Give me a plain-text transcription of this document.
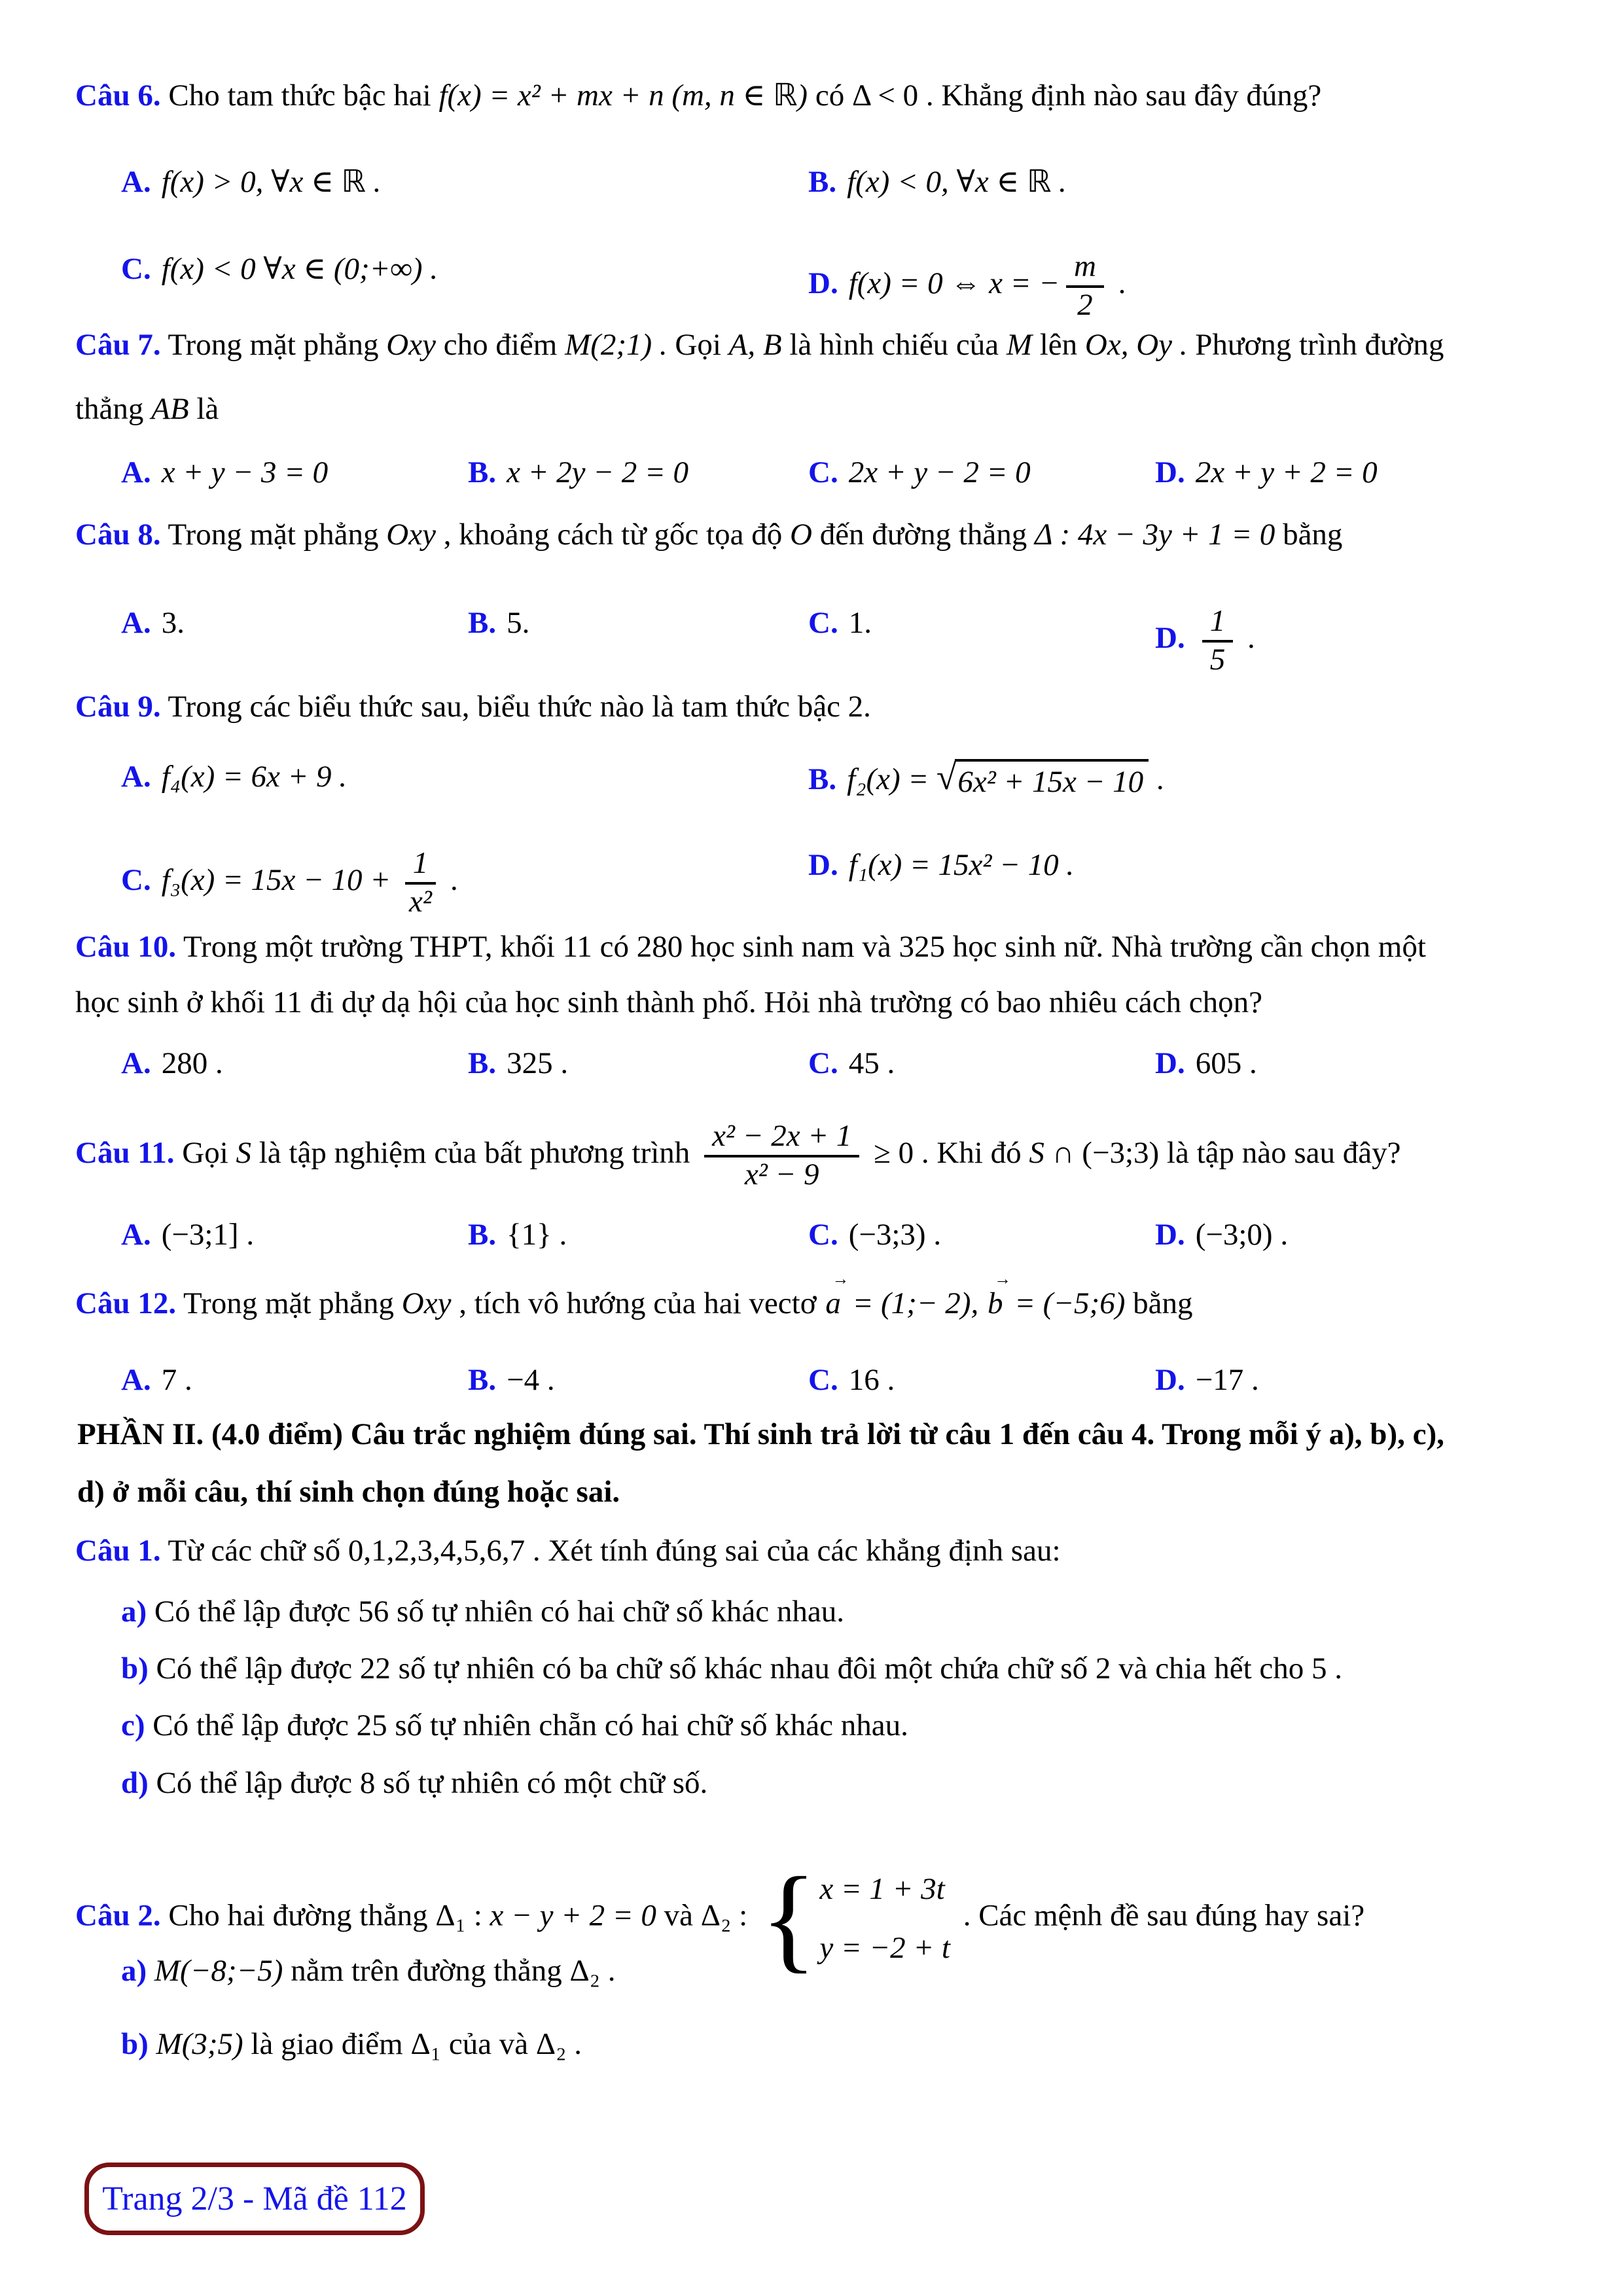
Câu 6. Cho tam thức bậc hai f(x) = x² + mx + n (m, n ∈ ℝ) có Δ < 0 . Khẳng định nào sau đây đúng?
A. f(x) > 0, ∀x ∈ ℝ .	B. f(x) < 0, ∀x ∈ ℝ .
C. f(x) < 0 ∀x ∈ (0;+∞) .	D. f(x) = 0 ⇔ x = − $\frac{m}{2}$ .
Câu 7. Trong mặt phẳng Oxy cho điểm M(2;1) . Gọi A, B là hình chiếu của M lên Ox, Oy . Phương trình đường
thẳng AB là
A. x + y − 3 = 0	B. x + 2y − 2 = 0	C. 2x + y − 2 = 0	D. 2x + y + 2 = 0
Câu 8. Trong mặt phẳng Oxy , khoảng cách từ gốc tọa độ O đến đường thẳng Δ : 4x − 3y + 1 = 0 bằng
A. 3.	B. 5.	C. 1.	D. $\frac{1}{5}$ .
Câu 9. Trong các biểu thức sau, biểu thức nào là tam thức bậc 2.
A. f₄(x) = 6x + 9 .	B. f₂(x) = √ 6x² + 15x − 10 .
C. $f_3(x) = 15x - 10 + \frac{1}{\text{x²}}$ .	D. f₁(x) = 15x² − 10 .
Câu 10. Trong một trường THPT, khối 11 có 280 học sinh nam và 325 học sinh nữ. Nhà trường cần chọn một
học sinh ở khối 11 đi dự dạ hội của học sinh thành phố. Hỏi nhà trường có bao nhiêu cách chọn?
A. 280 .	B. 325 .	C. 45 .	D. 605 .
Câu 11. Gọi S là tập nghiệm của bất phương trình $\frac{\text{x² − 2x + 1}}{\text{x² − 9}} \ge 0$ . Khi đó S ∩ (−3;3) là tập nào sau đây?
A. (−3;1] .	B. {1} .	C. (−3;3) .	D. (−3;0) .
Câu 12. Trong mặt phẳng Oxy , tích vô hướng của hai vectơ
→
a = (1;− 2),
→
b = (−5;6) bằng
A. 7 .	B. −4 .	C. 16 .	D. −17 .
PHẦN II. (4.0 điểm) Câu trắc nghiệm đúng sai. Thí sinh trả lời từ câu 1 đến câu 4. Trong mỗi ý a), b), c),
d) ở mỗi câu, thí sinh chọn đúng hoặc sai.
Câu 1. Từ các chữ số 0,1,2,3,4,5,6,7 . Xét tính đúng sai của các khẳng định sau:
a) Có thể lập được 56 số tự nhiên có hai chữ số khác nhau.
b) Có thể lập được 22 số tự nhiên có ba chữ số khác nhau đôi một chứa chữ số 2 và chia hết cho 5 .
c) Có thể lập được 25 số tự nhiên chẵn có hai chữ số khác nhau.
d) Có thể lập được 8 số tự nhiên có một chữ số.
Câu 2. Cho hai đường thẳng Δ₁ : x − y + 2 = 0 và Δ₂ : { x = 1 + 3t
y = −2 + t
. Các mệnh đề sau đúng hay sai?
a) M(−8;−5) nằm trên đường thẳng Δ₂ .
b) M(3;5) là giao điểm Δ₁ của và Δ₂ .
Trang 2/3 - Mã đề 112
